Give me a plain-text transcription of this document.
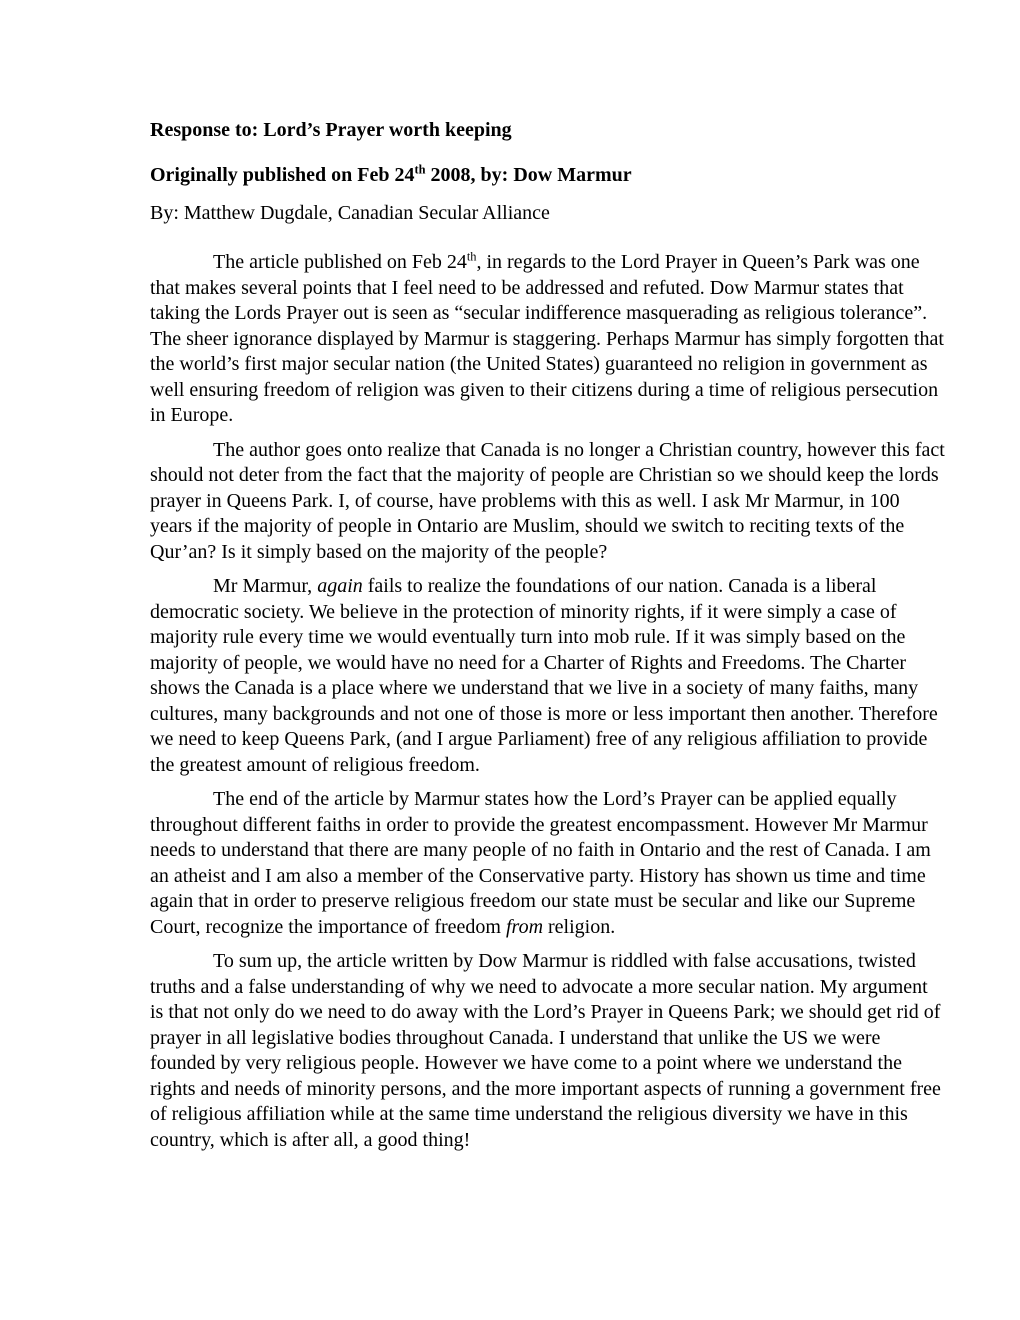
Response to: Lord’s Prayer worth keeping

Originally published on Feb 24th 2008, by: Dow Marmur

By: Matthew Dugdale, Canadian Secular Alliance

The article published on Feb 24th, in regards to the Lord Prayer in Queen’s Park was one that makes several points that I feel need to be addressed and refuted. Dow Marmur states that taking the Lords Prayer out is seen as “secular indifference masquerading as religious tolerance”. The sheer ignorance displayed by Marmur is staggering. Perhaps Marmur has simply forgotten that the world’s first major secular nation (the United States) guaranteed no religion in government as well ensuring freedom of religion was given to their citizens during a time of religious persecution in Europe.

The author goes onto realize that Canada is no longer a Christian country, however this fact should not deter from the fact that the majority of people are Christian so we should keep the lords prayer in Queens Park. I, of course, have problems with this as well. I ask Mr Marmur, in 100 years if the majority of people in Ontario are Muslim, should we switch to reciting texts of the Qur’an? Is it simply based on the majority of the people?

Mr Marmur, again fails to realize the foundations of our nation. Canada is a liberal democratic society. We believe in the protection of minority rights, if it were simply a case of majority rule every time we would eventually turn into mob rule. If it was simply based on the majority of people, we would have no need for a Charter of Rights and Freedoms. The Charter shows the Canada is a place where we understand that we live in a society of many faiths, many cultures, many backgrounds and not one of those is more or less important then another. Therefore we need to keep Queens Park, (and I argue Parliament) free of any religious affiliation to provide the greatest amount of religious freedom.

The end of the article by Marmur states how the Lord’s Prayer can be applied equally throughout different faiths in order to provide the greatest encompassment. However Mr Marmur needs to understand that there are many people of no faith in Ontario and the rest of Canada. I am an atheist and I am also a member of the Conservative party. History has shown us time and time again that in order to preserve religious freedom our state must be secular and like our Supreme Court, recognize the importance of freedom from religion.

To sum up, the article written by Dow Marmur is riddled with false accusations, twisted truths and a false understanding of why we need to advocate a more secular nation. My argument is that not only do we need to do away with the Lord’s Prayer in Queens Park; we should get rid of prayer in all legislative bodies throughout Canada. I understand that unlike the US we were founded by very religious people. However we have come to a point where we understand the rights and needs of minority persons, and the more important aspects of running a government free of religious affiliation while at the same time understand the religious diversity we have in this country, which is after all, a good thing!
